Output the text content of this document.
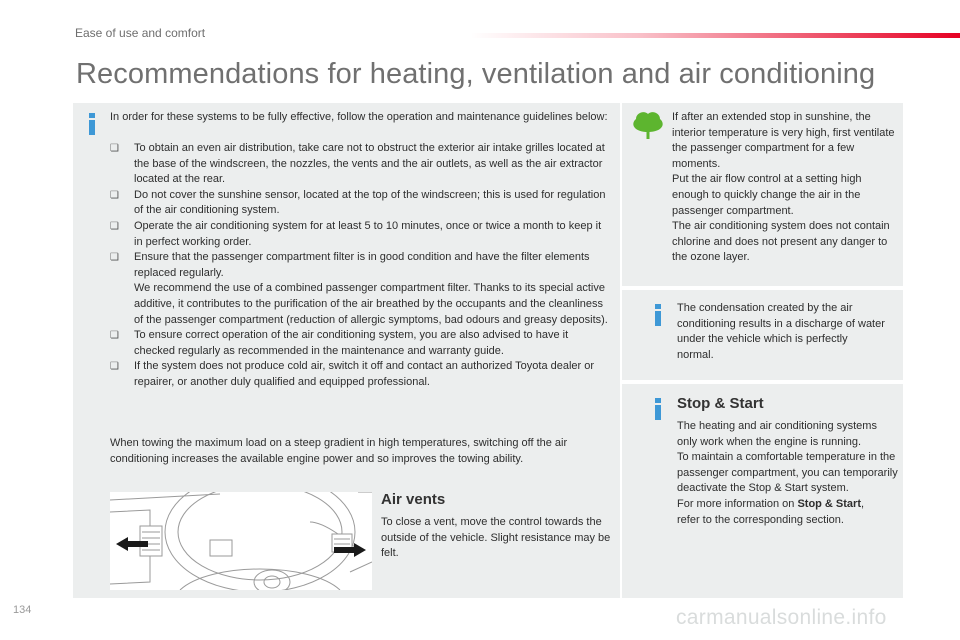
Ease of use and comfort
Recommendations for heating, ventilation and air conditioning
In order for these systems to be fully effective, follow the operation and maintenance guidelines below:
❏ To obtain an even air distribution, take care not to obstruct the exterior air intake grilles located at the base of the windscreen, the nozzles, the vents and the air outlets, as well as the air extractor located at the rear.
❏ Do not cover the sunshine sensor, located at the top of the windscreen; this is used for regulation of the air conditioning system.
❏ Operate the air conditioning system for at least 5 to 10 minutes, once or twice a month to keep it in perfect working order.
❏ Ensure that the passenger compartment filter is in good condition and have the filter elements replaced regularly.
We recommend the use of a combined passenger compartment filter. Thanks to its special active additive, it contributes to the purification of the air breathed by the occupants and the cleanliness of the passenger compartment (reduction of allergic symptoms, bad odours and greasy deposits).
❏ To ensure correct operation of the air conditioning system, you are also advised to have it checked regularly as recommended in the maintenance and warranty guide.
❏ If the system does not produce cold air, switch it off and contact an authorized Toyota dealer or repairer, or another duly qualified and equipped professional.
When towing the maximum load on a steep gradient in high temperatures, switching off the air conditioning increases the available engine power and so improves the towing ability.
Air vents
To close a vent, move the control towards the outside of the vehicle. Slight resistance may be felt.
If after an extended stop in sunshine, the interior temperature is very high, first ventilate the passenger compartment for a few moments.
Put the air flow control at a setting high enough to quickly change the air in the passenger compartment.
The air conditioning system does not contain chlorine and does not present any danger to the ozone layer.
The condensation created by the air conditioning results in a discharge of water under the vehicle which is perfectly normal.
Stop & Start
The heating and air conditioning systems only work when the engine is running.
To maintain a comfortable temperature in the passenger compartment, you can temporarily deactivate the Stop & Start system.
For more information on Stop & Start,
refer to the corresponding section.
134	carmanualsonline.info
